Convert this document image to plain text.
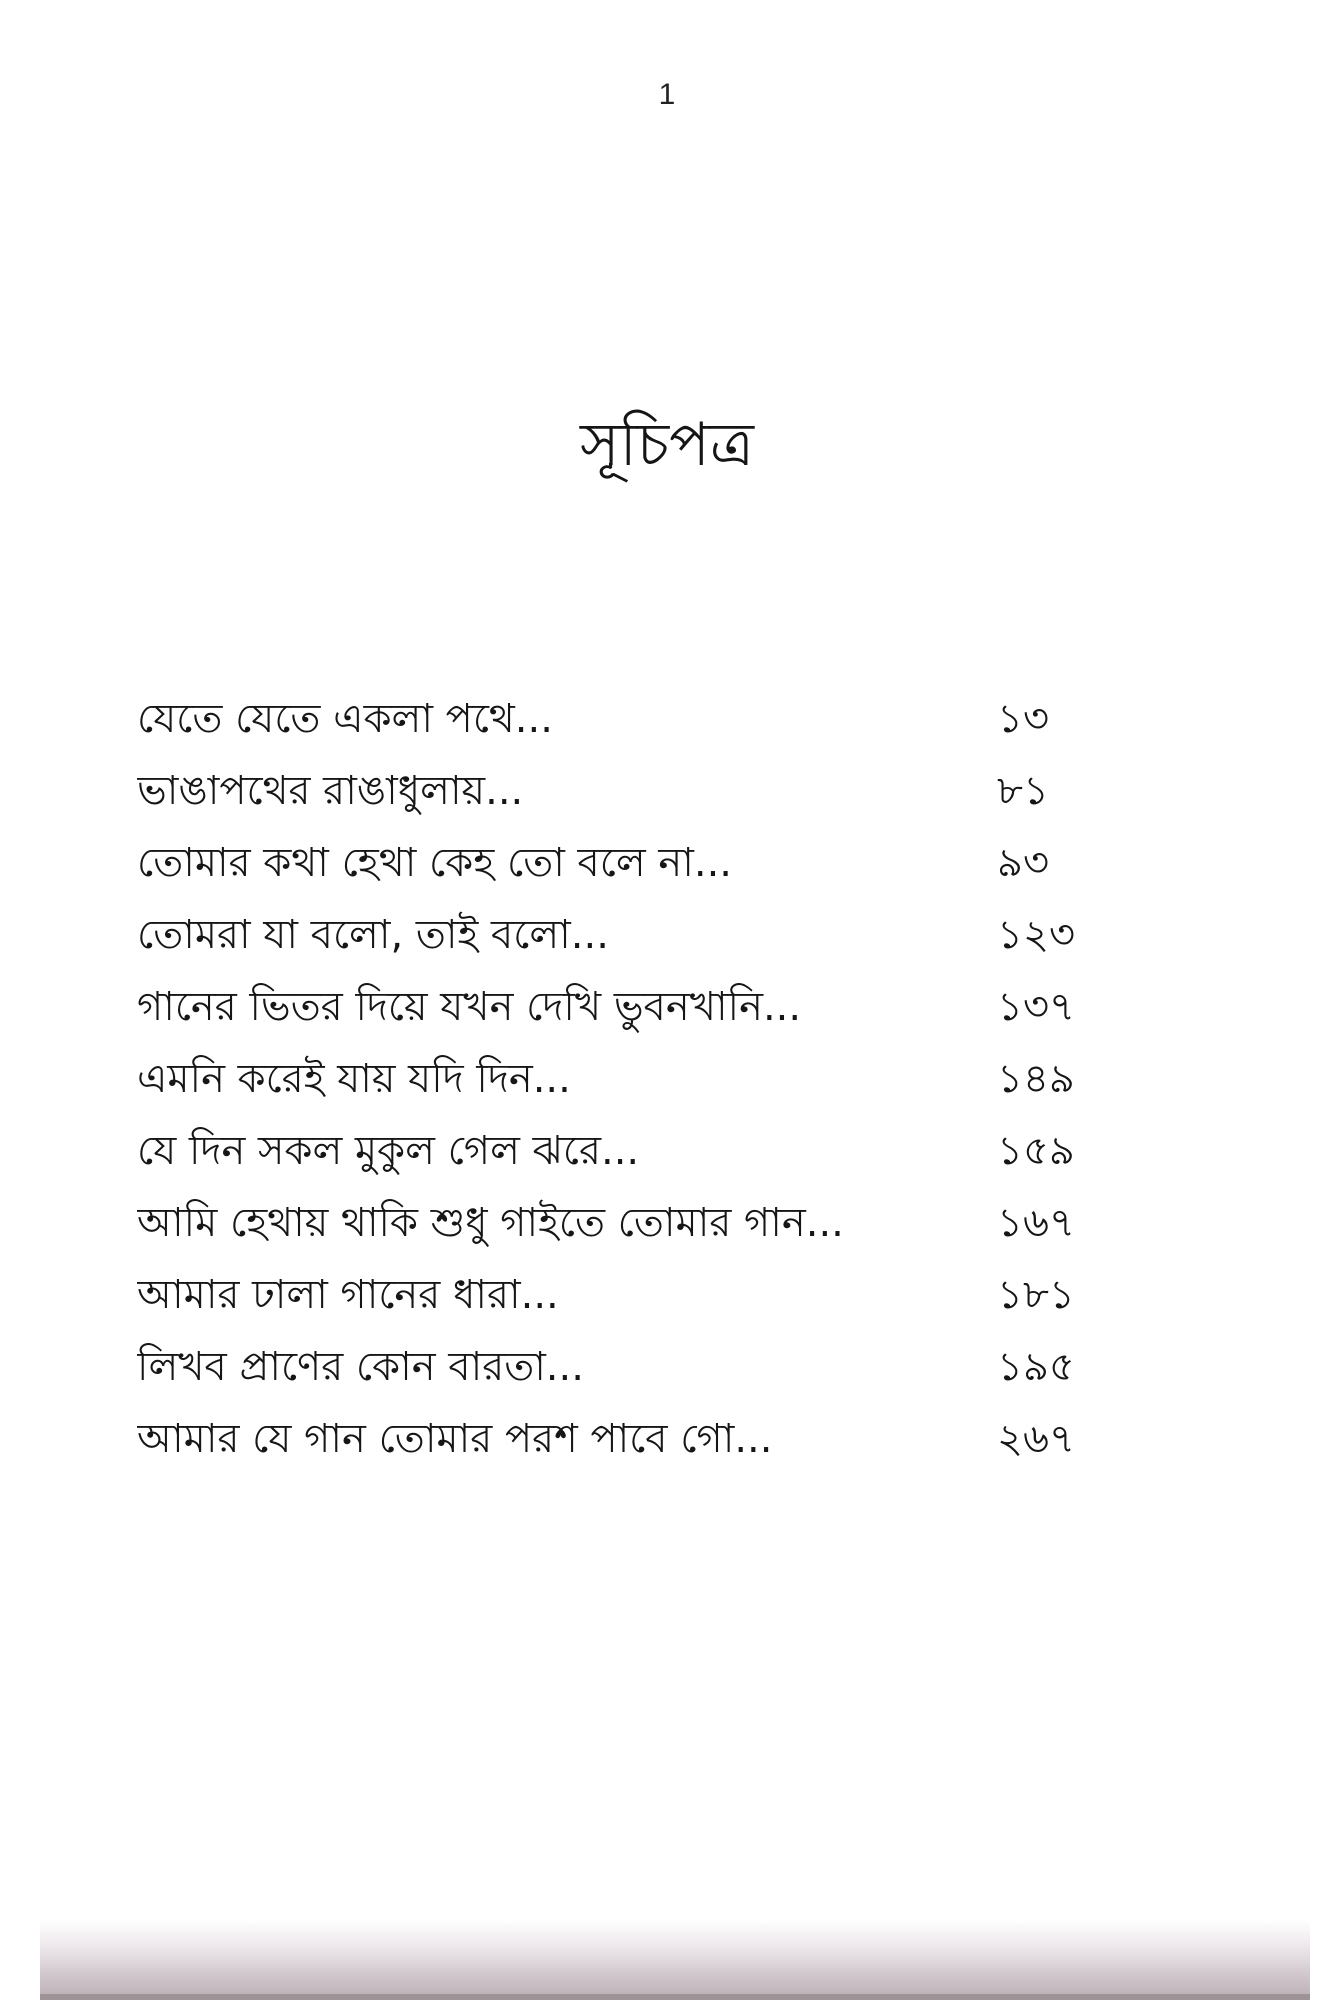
1
সূচিপত্র
যেতে যেতে একলা পথে...	১৩
ভাঙাপথের রাঙাধুলায়...	৮১
তোমার কথা হেথা কেহ তো বলে না...	৯৩
তোমরা যা বলো, তাই বলো...	১২৩
গানের ভিতর দিয়ে যখন দেখি ভুবনখানি...	১৩৭
এমনি করেই যায় যদি দিন...	১৪৯
যে দিন সকল মুকুল গেল ঝরে...	১৫৯
আমি হেথায় থাকি শুধু গাইতে তোমার গান...	১৬৭
আমার ঢালা গানের ধারা...	১৮১
লিখব প্রাণের কোন বারতা...	১৯৫
আমার যে গান তোমার পরশ পাবে গো...	২৬৭
